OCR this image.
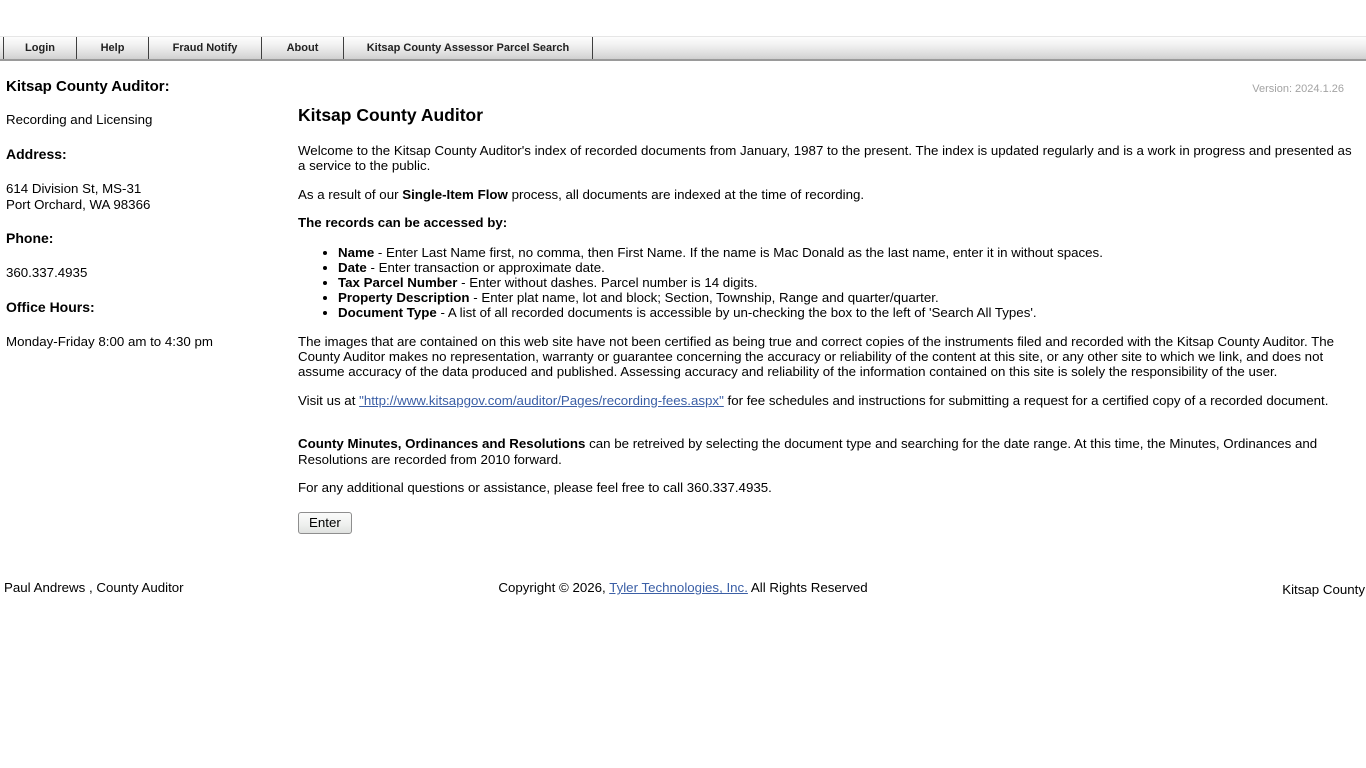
Login	Help	Fraud Notify	About	Kitsap County Assessor Parcel Search
Version: 2024.1.26
Kitsap County Auditor:
Recording and Licensing
Address:
614 Division St, MS-31
Port Orchard, WA 98366
Phone:
360.337.4935
Office Hours:
Monday-Friday 8:00 am to 4:30 pm
Kitsap County Auditor

Welcome to the Kitsap County Auditor's index of recorded documents from January, 1987 to the present. The index is updated regularly and is a work in progress and presented as a service to the public.

As a result of our Single-Item Flow process, all documents are indexed at the time of recording.

The records can be accessed by:

• Name - Enter Last Name first, no comma, then First Name. If the name is Mac Donald as the last name, enter it in without spaces.
• Date - Enter transaction or approximate date.
• Tax Parcel Number - Enter without dashes. Parcel number is 14 digits.
• Property Description - Enter plat name, lot and block; Section, Township, Range and quarter/quarter.
• Document Type - A list of all recorded documents is accessible by un-checking the box to the left of 'Search All Types'.

The images that are contained on this web site have not been certified as being true and correct copies of the instruments filed and recorded with the Kitsap County Auditor. The County Auditor makes no representation, warranty or guarantee concerning the accuracy or reliability of the content at this site, or any other site to which we link, and does not assume accuracy of the data produced and published. Assessing accuracy and reliability of the information contained on this site is solely the responsibility of the user.

Visit us at "http://www.kitsapgov.com/auditor/Pages/recording-fees.aspx" for fee schedules and instructions for submitting a request for a certified copy of a recorded document.

County Minutes, Ordinances and Resolutions can be retreived by selecting the document type and searching for the date range. At this time, the Minutes, Ordinances and Resolutions are recorded from 2010 forward.

For any additional questions or assistance, please feel free to call 360.337.4935.

Enter
Paul Andrews , County Auditor	Copyright © 2026, Tyler Technologies, Inc. All Rights Reserved	Kitsap County
